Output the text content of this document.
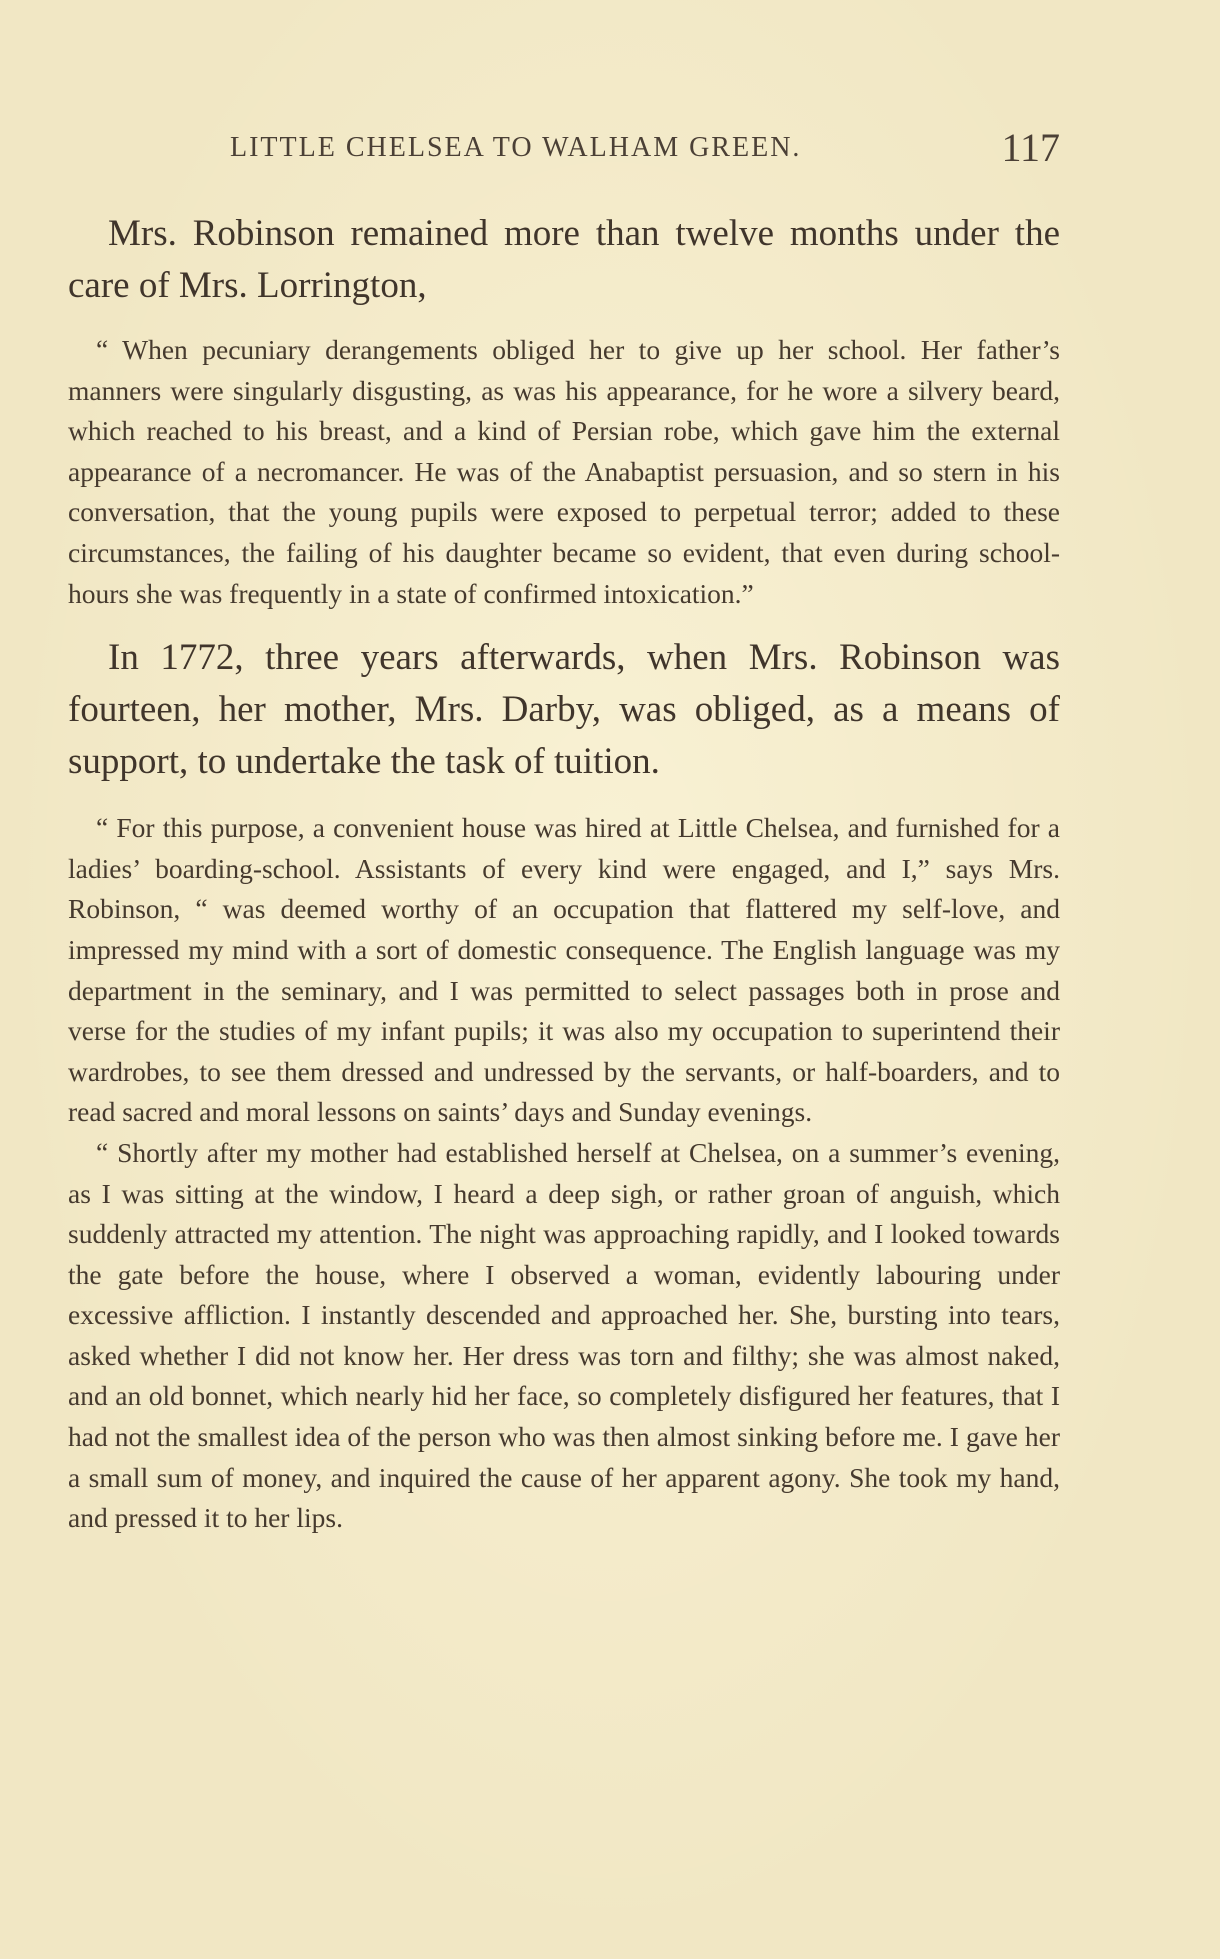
LITTLE CHELSEA TO WALHAM GREEN.	117

Mrs. Robinson remained more than twelve months under the care of Mrs. Lorrington,

“ When pecuniary derangements obliged her to give up her school. Her father’s manners were singularly disgusting, as was his appearance, for he wore a silvery beard, which reached to his breast, and a kind of Persian robe, which gave him the external appearance of a necromancer. He was of the Anabaptist persuasion, and so stern in his conversation, that the young pupils were exposed to perpetual terror; added to these circumstances, the failing of his daughter became so evident, that even during school-hours she was frequently in a state of confirmed intoxication.”

In 1772, three years afterwards, when Mrs. Robinson was fourteen, her mother, Mrs. Darby, was obliged, as a means of support, to undertake the task of tuition.

“ For this purpose, a convenient house was hired at Little Chelsea, and furnished for a ladies’ boarding-school. Assistants of every kind were engaged, and I,” says Mrs. Robinson, “ was deemed worthy of an occupation that flattered my self-love, and impressed my mind with a sort of domestic consequence. The English language was my department in the seminary, and I was permitted to select passages both in prose and verse for the studies of my infant pupils; it was also my occupation to superintend their wardrobes, to see them dressed and undressed by the servants, or half-boarders, and to read sacred and moral lessons on saints’ days and Sunday evenings.

“ Shortly after my mother had established herself at Chelsea, on a summer’s evening, as I was sitting at the window, I heard a deep sigh, or rather groan of anguish, which suddenly attracted my attention. The night was approaching rapidly, and I looked towards the gate before the house, where I observed a woman, evidently labouring under excessive affliction. I instantly descended and approached her. She, bursting into tears, asked whether I did not know her. Her dress was torn and filthy; she was almost naked, and an old bonnet, which nearly hid her face, so completely disfigured her features, that I had not the smallest idea of the person who was then almost sinking before me. I gave her a small sum of money, and inquired the cause of her apparent agony. She took my hand, and pressed it to her lips.
